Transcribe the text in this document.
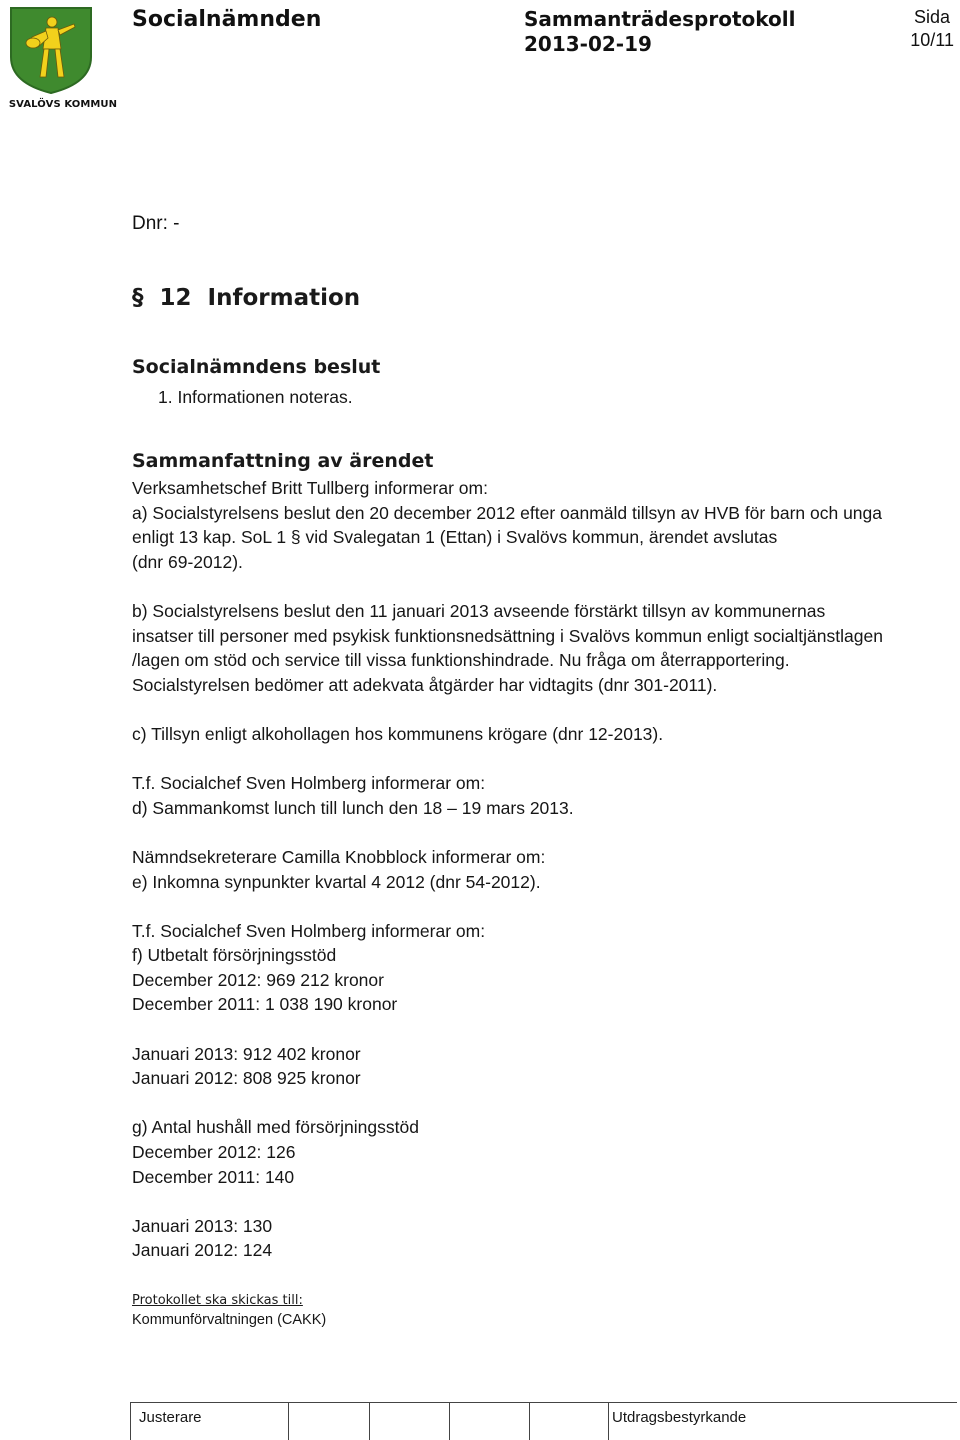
SVALÖVS KOMMUN
Socialnämnden	Sammanträdesprotokoll
2013-02-19
Sida
10/11
Dnr: -
§ 12 Information
Socialnämndens beslut
1. Informationen noteras.
Sammanfattning av ärendet

Verksamhetschef Britt Tullberg informerar om:

a) Socialstyrelsens beslut den 20 december 2012 efter oanmäld tillsyn av HVB för barn och unga

enligt 13 kap. SoL 1 § vid Svalegatan 1 (Ettan) i Svalövs kommun, ärendet avslutas

(dnr 69-2012).

b) Socialstyrelsens beslut den 11 januari 2013 avseende förstärkt tillsyn av kommunernas

insatser till personer med psykisk funktionsnedsättning i Svalövs kommun enligt socialtjänstlagen

/lagen om stöd och service till vissa funktionshindrade. Nu fråga om återrapportering.

Socialstyrelsen bedömer att adekvata åtgärder har vidtagits (dnr 301-2011).

c) Tillsyn enligt alkohollagen hos kommunens krögare (dnr 12-2013).

T.f. Socialchef Sven Holmberg informerar om:

d) Sammankomst lunch till lunch den 18 – 19 mars 2013.

Nämndsekreterare Camilla Knobblock informerar om:

e) Inkomna synpunkter kvartal 4 2012 (dnr 54-2012).

T.f. Socialchef Sven Holmberg informerar om:

f) Utbetalt försörjningsstöd

December 2012: 969 212 kronor

December 2011: 1 038 190 kronor

Januari 2013: 912 402 kronor

Januari 2012: 808 925 kronor

g) Antal hushåll med försörjningsstöd

December 2012: 126

December 2011: 140

Januari 2013: 130

Januari 2012: 124

Protokollet ska skickas till:
Kommunförvaltningen (CAKK)
Justerare	Utdragsbestyrkande
